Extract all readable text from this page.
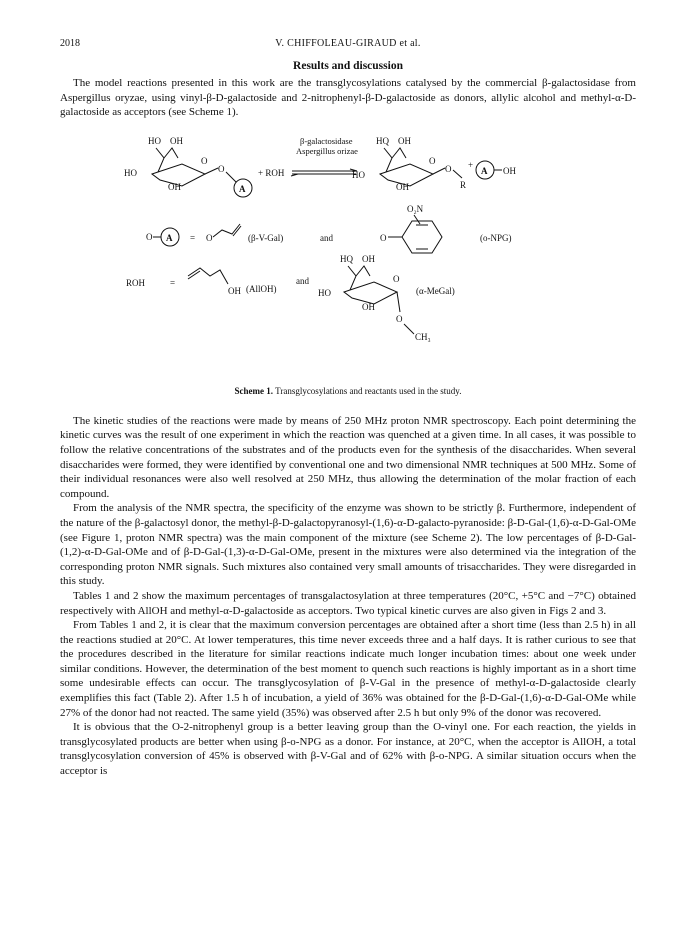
2018	V. CHIFFOLEAU-GIRAUD et al.
Results and discussion

The model reactions presented in this work are the transglycosylations catalysed by the commercial β-galactosidase from Aspergillus oryzae, using vinyl-β-D-galactoside and 2-nitrophenyl-β-D-galactoside as donors, allylic alcohol and methyl-α-D-galactoside as acceptors (see Scheme 1).

HO OH
O
HO
OH
O
A
+ ROH
β-galactosidase
Aspergillus orizae
HQ OH
O
HO
OH
O
R
+
A OH
O₂N
O A = O	(β-V-Gal)	and	O	(o-NPG)
ROH	=
OH (AllOH)
and
HQ OH
O
HO
OH
O
CH₃
(α-MeGal)
Scheme 1. Transglycosylations and reactants used in the study.

The kinetic studies of the reactions were made by means of 250 MHz proton NMR spectroscopy. Each point determining the kinetic curves was the result of one experiment in which the reaction was quenched at a given time. In all cases, it was possible to follow the relative concentrations of the substrates and of the products even for the synthesis of the disaccharides. When several disaccharides were formed, they were identified by conventional one and two dimensional NMR techniques at 500 MHz. Some of their individual resonances were also well resolved at 250 MHz, thus allowing the determination of the molar fraction of each compound.

From the analysis of the NMR spectra, the specificity of the enzyme was shown to be strictly β. Furthermore, independent of the nature of the β-galactosyl donor, the methyl-β-D-galactopyranosyl-(1,6)-α-D-galacto-pyranoside: β-D-Gal-(1,6)-α-D-Gal-OMe (see Figure 1, proton NMR spectra) was the main component of the mixture (see Scheme 2). The low percentages of β-D-Gal-(1,2)-α-D-Gal-OMe and of β-D-Gal-(1,3)-α-D-Gal-OMe, present in the mixtures were also determined via the integration of the corresponding proton NMR signals. Such mixtures also contained very small amounts of trisaccharides. They were disregarded in this study.

Tables 1 and 2 show the maximum percentages of transgalactosylation at three temperatures (20°C, +5°C and −7°C) obtained respectively with AllOH and methyl-α-D-galactoside as acceptors. Two typical kinetic curves are also given in Figs 2 and 3.

From Tables 1 and 2, it is clear that the maximum conversion percentages are obtained after a short time (less than 2.5 h) in all the reactions studied at 20°C. At lower temperatures, this time never exceeds three and a half days. It is rather curious to see that the procedures described in the literature for similar reactions indicate much longer incubation times: about one week under similar conditions. However, the determination of the best moment to quench such reactions is highly important as in a short time some undesirable effects can occur. The transglycosylation of β-V-Gal in the presence of methyl-α-D-galactoside clearly exemplifies this fact (Table 2). After 1.5 h of incubation, a yield of 36% was obtained for the β-D-Gal-(1,6)-α-D-Gal-OMe while 27% of the donor had not reacted. The same yield (35%) was observed after 2.5 h but only 9% of the donor was recovered.

It is obvious that the O-2-nitrophenyl group is a better leaving group than the O-vinyl one. For each reaction, the yields in transglycosylated products are better when using β-o-NPG as a donor. For instance, at 20°C, when the acceptor is AllOH, a total transglycosylation conversion of 45% is observed with β-V-Gal and of 62% with β-o-NPG. A similar situation occurs when the acceptor is
